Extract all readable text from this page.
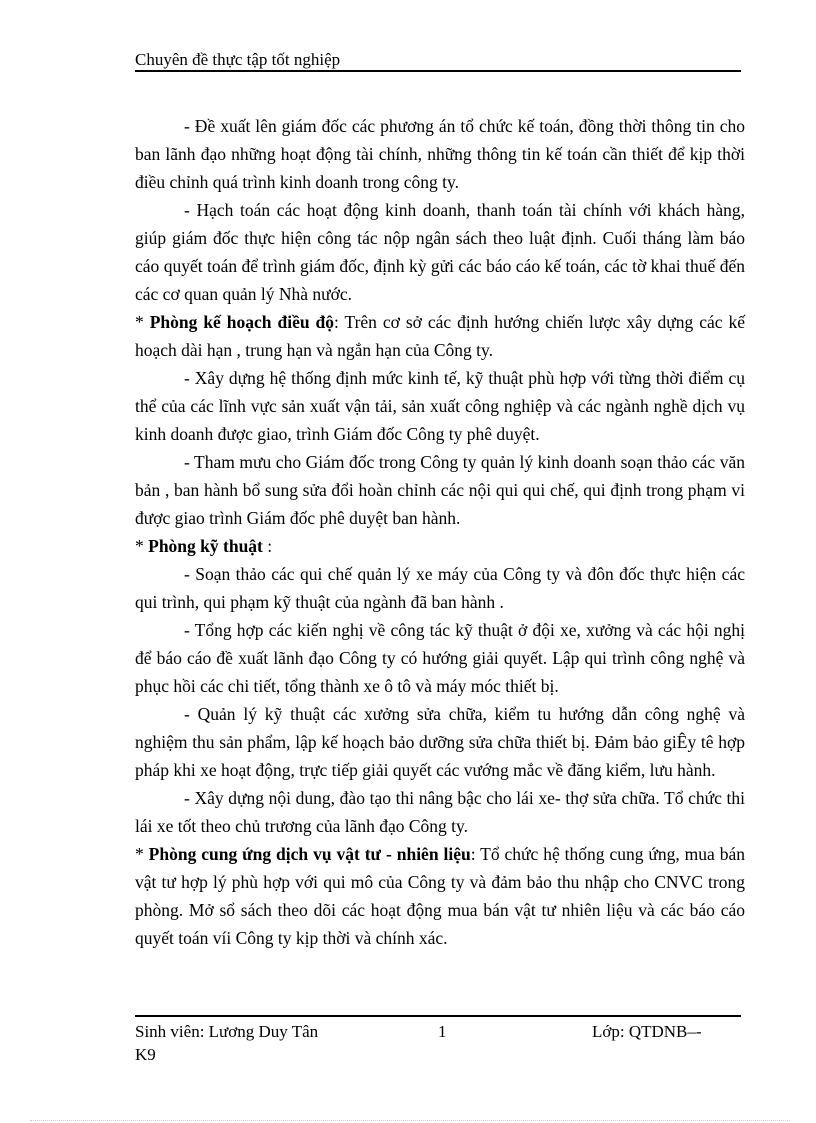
Chuyên đề thực tập tốt nghiệp

- Đề xuất lên giám đốc các phương án tổ chức kế toán, đồng thời thông tin cho ban lãnh đạo những hoạt động tài chính, những thông tin kế toán cần thiết để kịp thời điều chỉnh quá trình kinh doanh trong công ty.

- Hạch toán các hoạt động kinh doanh, thanh toán tài chính với khách hàng, giúp giám đốc thực hiện công tác nộp ngân sách theo luật định. Cuối tháng làm báo cáo quyết toán để trình giám đốc, định kỳ gửi các báo cáo kế toán, các tờ khai thuế đến các cơ quan quản lý Nhà nước.

* Phòng kế hoạch điều độ: Trên cơ sở các định hướng chiến lược xây dựng các kế hoạch dài hạn , trung hạn và ngắn hạn của Công ty.

- Xây dựng hệ thống định mức kinh tế, kỹ thuật phù hợp với từng thời điểm cụ thể của các lĩnh vực sản xuất vận tải, sản xuất công nghiệp và các ngành nghề dịch vụ kinh doanh được giao, trình Giám đốc Công ty phê duyệt.

- Tham mưu cho Giám đốc trong Công ty quản lý kinh doanh soạn thảo các văn bản , ban hành bổ sung sửa đổi hoàn chỉnh các nội qui qui chế, qui định trong phạm vi được giao trình Giám đốc phê duyệt ban hành.

* Phòng kỹ thuật :

- Soạn thảo các qui chế quản lý xe máy của Công ty và đôn đốc thực hiện các qui trình, qui phạm kỹ thuật của ngành đã ban hành .

- Tổng hợp các kiến nghị về công tác kỹ thuật ở đội xe, xưởng và các hội nghị để báo cáo đề xuất lãnh đạo Công ty có hướng giải quyết. Lập qui trình công nghệ và phục hồi các chi tiết, tổng thành xe ô tô và máy móc thiết bị.

- Quản lý kỹ thuật các xưởng sửa chữa, kiểm tu hướng dẫn công nghệ và nghiệm thu sản phẩm, lập kế hoạch bảo dưỡng sửa chữa thiết bị. Đảm bảo giÊy tê hợp pháp khi xe hoạt động, trực tiếp giải quyết các vướng mắc về đăng kiểm, lưu hành.

- Xây dựng nội dung, đào tạo thi nâng bậc cho lái xe- thợ sửa chữa. Tổ chức thi lái xe tốt theo chủ trương của lãnh đạo Công ty.

* Phòng cung ứng dịch vụ vật tư - nhiên liệu: Tổ chức hệ thống cung ứng, mua bán vật tư hợp lý phù hợp với qui mô của Công ty và đảm bảo thu nhập cho CNVC trong phòng. Mở sổ sách theo dõi các hoạt động mua bán vật tư nhiên liệu và các báo cáo quyết toán víi Công ty kịp thời và chính xác.

Sinh viên: Lương Duy Tân
K9
1	Lớp: QTDNB–-
